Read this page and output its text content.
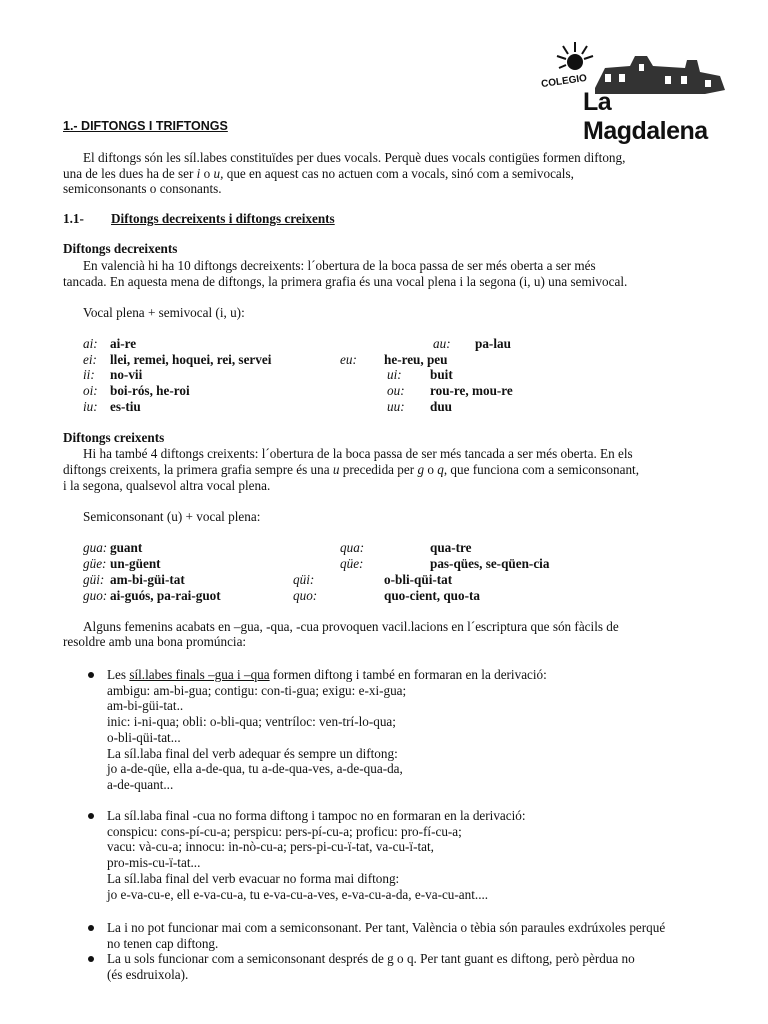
COLEGIO
La Magdalena
1.- DIFTONGS I TRIFTONGS
El diftongs són les síl.labes constituïdes per dues vocals. Perquè dues vocals contigües formen diftong,
una de les dues ha de ser i o u, que en aquest cas no actuen com a vocals, sinó com a semivocals,
semiconsonants o consonants.
1.1- Diftongs decreixents i diftongs creixents
Diftongs decreixents
En valencià hi ha 10 diftongs decreixents: l´obertura de la boca passa de ser més oberta a ser més
tancada. En aquesta mena de diftongs, la primera grafia és una vocal plena i la segona (i, u) una semivocal.
Vocal plena + semivocal (i, u):
ai: ai-re	au: pa-lau
ei: llei, remei, hoquei, rei, servei	eu: he-reu, peu
ii: no-vii	ui: buit
oi: boi-rós, he-roi	ou: rou-re, mou-re
iu: es-tiu	uu: duu
Diftongs creixents
Hi ha també 4 diftongs creixents: l´obertura de la boca passa de ser més tancada a ser més oberta. En els
diftongs creixents, la primera grafia sempre és una u precedida per g o q, que funciona com a semiconsonant,
i la segona, qualsevol altra vocal plena.
Semiconsonant (u) + vocal plena:
gua: guant	qua:	qua-tre
güe: un-güent	qüe:	pas-qües, se-qüen-cia
güi: am-bi-güi-tat	qüi:	o-bli-qüi-tat
guo: ai-guós, pa-rai-guot	quo:	quo-cient, quo-ta
Alguns femenins acabats en –gua, -qua, -cua provoquen vacil.lacions en l´escriptura que són fàcils de
resoldre amb una bona promúncia:
Les síl.labes finals –gua i –qua formen diftong i també en formaran en la derivació:
ambigu: am-bi-gua; contigu: con-ti-gua; exigu: e-xi-gua;
am-bi-güi-tat..
inic: i-ni-qua; obli: o-bli-qua; ventríloc: ven-trí-lo-qua;
o-bli-qüi-tat...
La síl.laba final del verb adequar és sempre un diftong:
jo a-de-qüe, ella a-de-qua, tu a-de-qua-ves, a-de-qua-da,
a-de-quant...
La síl.laba final -cua no forma diftong i tampoc no en formaran en la derivació:
conspicu: cons-pí-cu-a; perspicu: pers-pí-cu-a; proficu: pro-fí-cu-a;
vacu: và-cu-a; innocu: in-nò-cu-a; pers-pi-cu-ï-tat, va-cu-ï-tat,
pro-mis-cu-ï-tat...
La síl.laba final del verb evacuar no forma mai diftong:
jo e-va-cu-e, ell e-va-cu-a, tu e-va-cu-a-ves, e-va-cu-a-da, e-va-cu-ant....
La i no pot funcionar mai com a semiconsonant. Per tant, València o tèbia són paraules exdrúxoles perqué
no tenen cap diftong.
La u sols funcionar com a semiconsonant després de g o q. Per tant guant es diftong, però pèrdua no
(és esdruixola).
